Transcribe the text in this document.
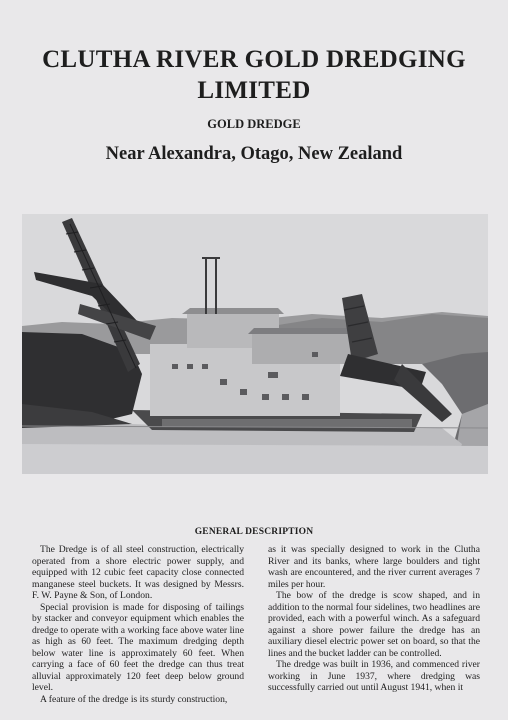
CLUTHA RIVER GOLD DREDGING
LIMITED
GOLD DREDGE
Near Alexandra, Otago, New Zealand
GENERAL DESCRIPTION

The Dredge is of all steel construction, electrically operated from a shore electric power supply, and equipped with 12 cubic feet capacity close connected manganese steel buckets. It was designed by Messrs. F. W. Payne & Son, of London.

Special provision is made for disposing of tailings by stacker and conveyor equipment which enables the dredge to operate with a working face above water line as high as 60 feet. The maximum dredging depth below water line is approximately 60 feet. When carrying a face of 60 feet the dredge can thus treat alluvial approximately 120 feet deep below ground level.

A feature of the dredge is its sturdy construction,

as it was specially designed to work in the Clutha River and its banks, where large boulders and tight wash are encountered, and the river current averages 7 miles per hour.

The bow of the dredge is scow shaped, and in addition to the normal four sidelines, two headlines are provided, each with a powerful winch. As a safeguard against a shore power failure the dredge has an auxiliary diesel electric power set on board, so that the lines and the bucket ladder can be controlled.

The dredge was built in 1936, and commenced river working in June 1937, where dredging was successfully carried out until August 1941, when it
